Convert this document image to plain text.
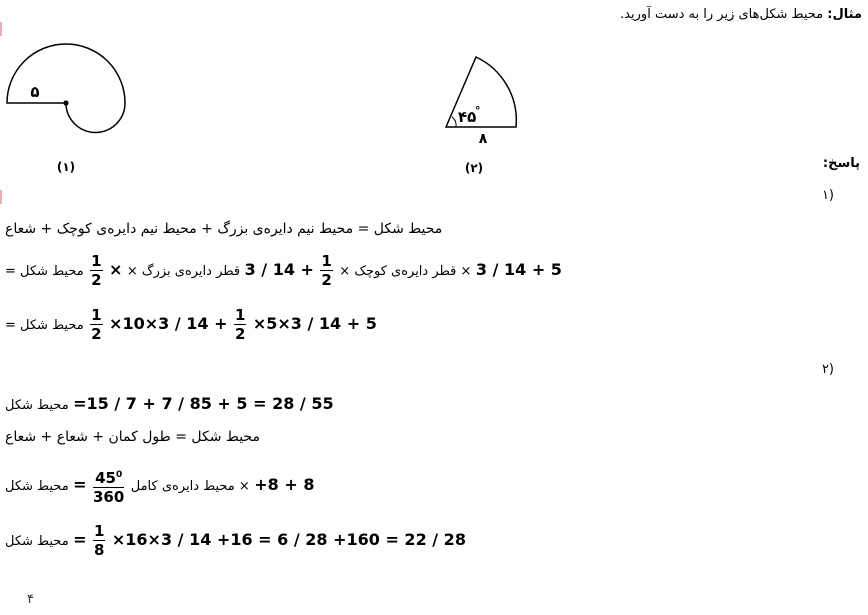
مثال: محیط شکل‌های زیر را به دست آورید.
۵
(۱)
۴۵
°
۸
(۲)	پاسخ:
۱)
محیط شکل = محیط نیم دایره‌ی بزرگ + محیط نیم دایره‌ی کوچک + شعاع
محیط شکل = $\frac{1}{2}$ × قطر دایره‌ی بزرگ × $3 / 14 + \frac{1}{2}$ × قطر دایره‌ی کوچک × 3 / 14 + 5
محیط شکل = $\frac{1}{2} \times 10\times 3 / 14 + \frac{1}{2} \times 5\times 3 / 14 + 5$
۲)
محیط شکل =15 / 7 + 7 / 85 + 5 = 28 / 55
محیط شکل = طول کمان + شعاع + شعاع
محیط شکل = $\frac{45^0}{360}$ × محیط دایره‌ی کامل +8 + 8
محیط شکل = $\frac{1}{8} \times 16\times 3 / 14 +16 = 6 / 28 +160 = 22 / 28$
۴
